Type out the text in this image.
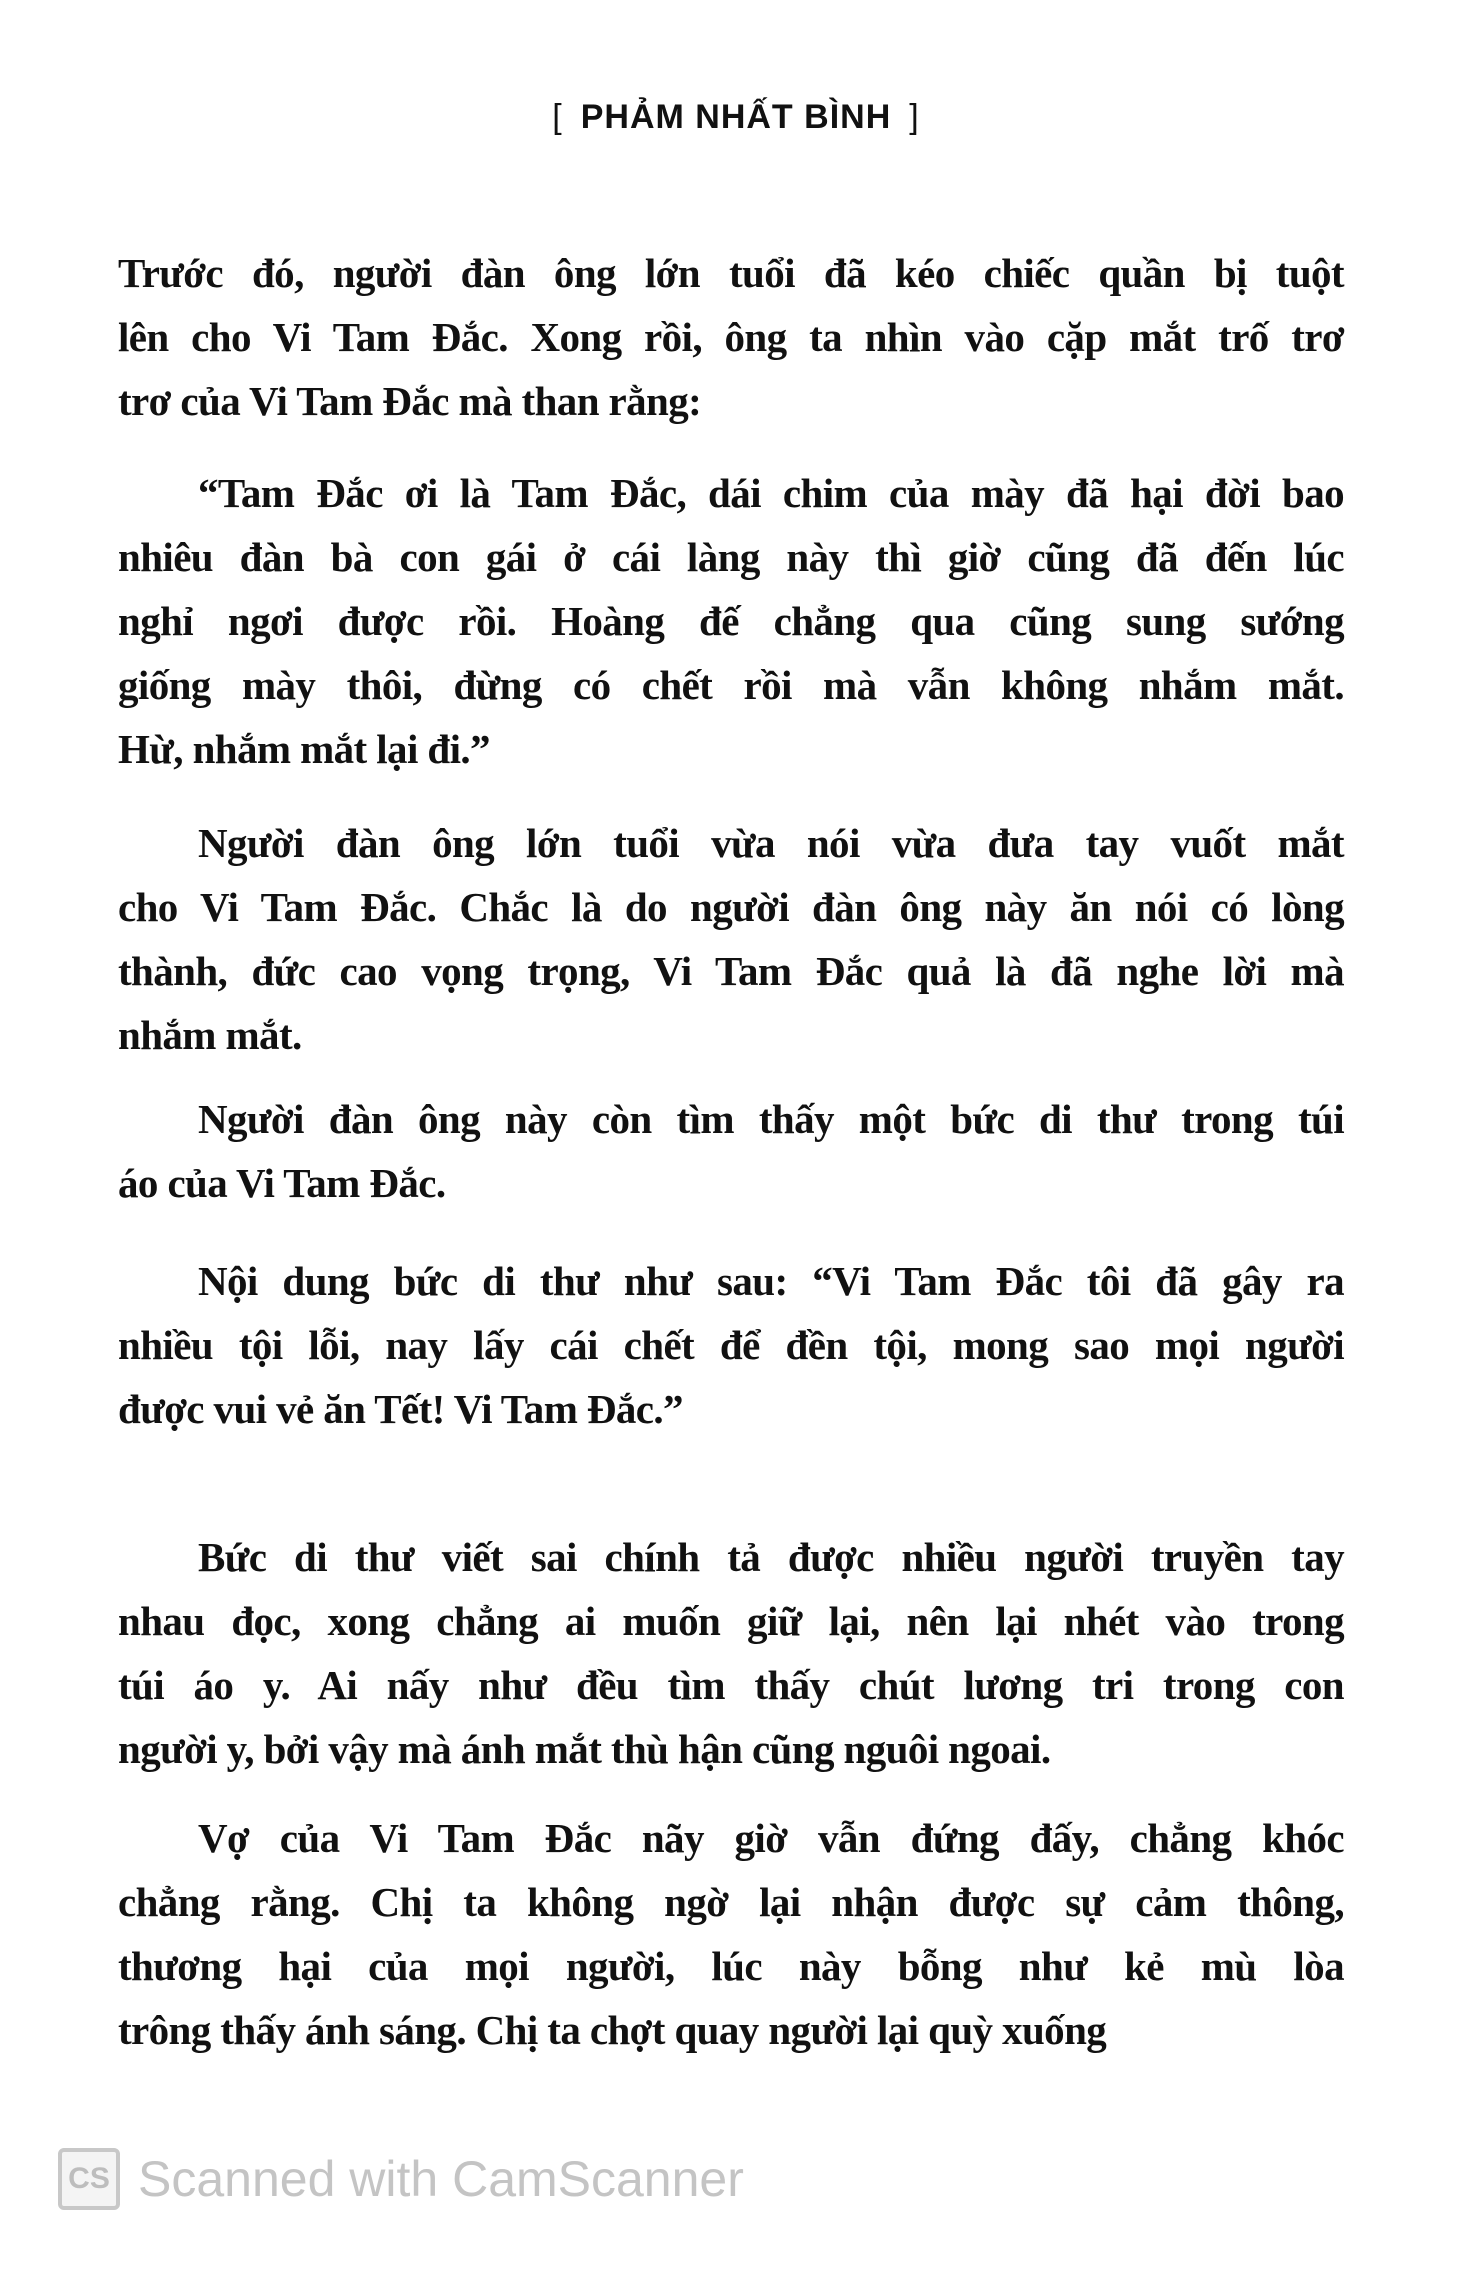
[ PHẢM NHẤT BÌNH ]
Trước đó, người đàn ông lớn tuổi đã kéo chiếc quần bị tuột
lên cho Vi Tam Đắc. Xong rồi, ông ta nhìn vào cặp mắt trố trơ
trơ của Vi Tam Đắc mà than rằng:
“Tam Đắc ơi là Tam Đắc, dái chim của mày đã hại đời bao
nhiêu đàn bà con gái ở cái làng này thì giờ cũng đã đến lúc
nghỉ ngơi được rồi. Hoàng đế chẳng qua cũng sung sướng
giống mày thôi, đừng có chết rồi mà vẫn không nhắm mắt.
Hừ, nhắm mắt lại đi.”
Người đàn ông lớn tuổi vừa nói vừa đưa tay vuốt mắt
cho Vi Tam Đắc. Chắc là do người đàn ông này ăn nói có lòng
thành, đức cao vọng trọng, Vi Tam Đắc quả là đã nghe lời mà
nhắm mắt.
Người đàn ông này còn tìm thấy một bức di thư trong túi
áo của Vi Tam Đắc.
Nội dung bức di thư như sau: “Vi Tam Đắc tôi đã gây ra
nhiều tội lỗi, nay lấy cái chết để đền tội, mong sao mọi người
được vui vẻ ăn Tết! Vi Tam Đắc.”
Bức di thư viết sai chính tả được nhiều người truyền tay
nhau đọc, xong chẳng ai muốn giữ lại, nên lại nhét vào trong
túi áo y. Ai nấy như đều tìm thấy chút lương tri trong con
người y, bởi vậy mà ánh mắt thù hận cũng nguôi ngoai.
Vợ của Vi Tam Đắc nãy giờ vẫn đứng đấy, chẳng khóc
chẳng rằng. Chị ta không ngờ lại nhận được sự cảm thông,
thương hại của mọi người, lúc này bỗng như kẻ mù lòa
trông thấy ánh sáng. Chị ta chợt quay người lại quỳ xuống
CS Scanned with CamScanner
